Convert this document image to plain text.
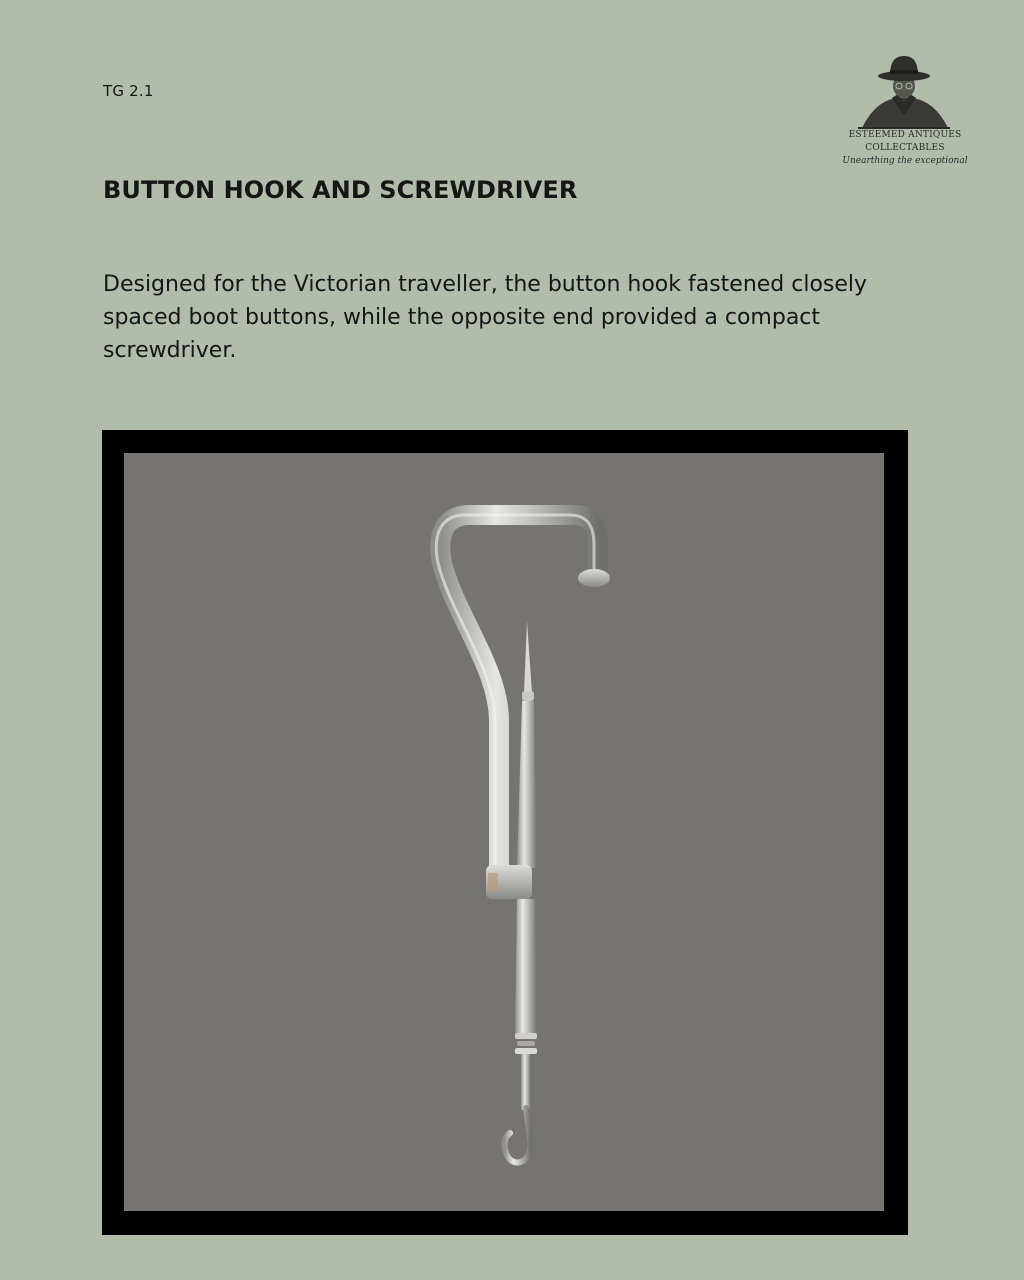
TG 2.1
ESTEEMED ANTIQUES
COLLECTABLES
Unearthing the exceptional
BUTTON HOOK AND SCREWDRIVER

Designed for the Victorian traveller, the button hook fastened closely spaced boot buttons, while the opposite end provided a compact screwdriver.
